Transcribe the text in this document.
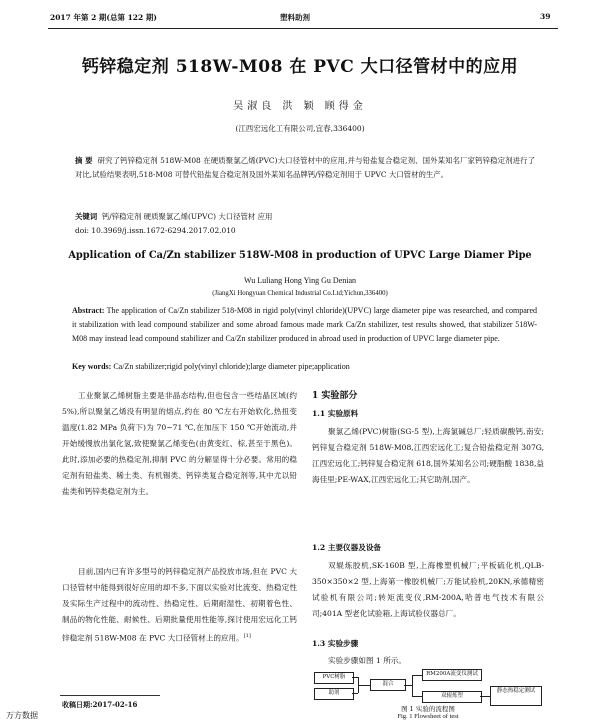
2017 年第 2 期(总第 122 期)	塑料助剂	39
钙锌稳定剂 518W-M08 在 PVC 大口径管材中的应用
吴淑良 洪 颖 顾得金
(江西宏远化工有限公司,宜春,336400)
摘 要 研究了钙锌稳定剂 518W-M08 在硬质聚氯乙烯(PVC)大口径管材中的应用,并与铅盐复合稳定剂、国外某知名厂家钙锌稳定剂进行了对比,试验结果表明,518-M08 可替代铅盐复合稳定剂及国外某知名品牌钙/锌稳定剂用于 UPVC 大口管材的生产。
关键词 钙/锌稳定剂 硬质聚氯乙烯(UPVC) 大口径管材 应用
doi: 10.3969/j.issn.1672-6294.2017.02.010
Application of Ca/Zn stabilizer 518W-M08 in production of UPVC Large Diamer Pipe
Wu Luliang Hong Ying Gu Denian
(JiangXi Hongyuan Chemical Industrial Co.Ltd;Yichun,336400)
Abstract: The application of Ca/Zn stabilizer 518-M08 in rigid poly(vinyl chloride)(UPVC) large diameter pipe was researched, and compared it stabilization with lead compound stabilizer and some abroad famous made mark Ca/Zn stabilizer, test results showed, that stabilizer 518W-M08 may instead lead compound stabilizer and Ca/Zn stabilizer produced in abroad used in production of UPVC large diameter pipe.
Key words: Ca/Zn stabilizer;rigid poly(vinyl chloride);large diameter pipe;application
工业聚氯乙烯树脂主要是非晶态结构,但也包含一些结晶区域(约 5%),所以聚氯乙烯没有明显的熔点,约在 80 ℃左右开始软化,热扭变温度(1.82 MPa 负荷下)为 70~71 ℃,在加压下 150 ℃开始流动,并开始缓慢放出氯化氢,致使聚氯乙烯变色(由黄变红、棕,甚至于黑色)。此时,添加必要的热稳定剂,抑制 PVC 的分解显得十分必要。常用的稳定剂有铅盐类、稀土类、有机锡类、钙锌类复合稳定剂等,其中尤以铅盐类和钙锌类稳定剂为主。
目前,国内已有许多型号的钙锌稳定剂产品投放市场,但在 PVC 大口径管材中能得到很好应用的却不多,下面以实验对比流变、热稳定性及实际生产过程中的流动性、热稳定性、后期耐湿性、初期着色性、制品的物化性能、耐候性、后期批量使用性能等,探讨使用宏远化工钙锌稳定剂 518W-M08 在 PVC 大口径管材上的应用。[1]
收稿日期:2017-02-16
1 实验部分
1.1 实验原料
聚氯乙烯(PVC)树脂(SG-5 型),上海氯碱总厂;轻质碳酸钙,南安;钙锌复合稳定剂 518W-M08,江西宏远化工;复合铅盐稳定剂 307G,江西宏远化工;钙锌复合稳定剂 618,国外某知名公司;硬脂酸 1838,益海佳里;PE-WAX,江西宏远化工;其它助剂,国产。
1.2 主要仪器及设备
双辊炼胶机,SK-160B 型,上海橡塑机械厂;平板硫化机,QLB-350×350×2 型,上海第一橡胶机械厂;万能试验机,20KN,承德精密试验机有限公司;转矩流变仪,RM-200A,哈普电气技术有限公司;401A 型老化试验箱,上海试验仪器总厂。
1.3 实验步骤
实验步骤如图 1 所示。
PVC树脂
助剂
混合
RM200A流变仪测试
双辊炼塑
静态热稳定测试
图 1 实验的流程图
Fig. 1 Flowsheet of test
万方数据
